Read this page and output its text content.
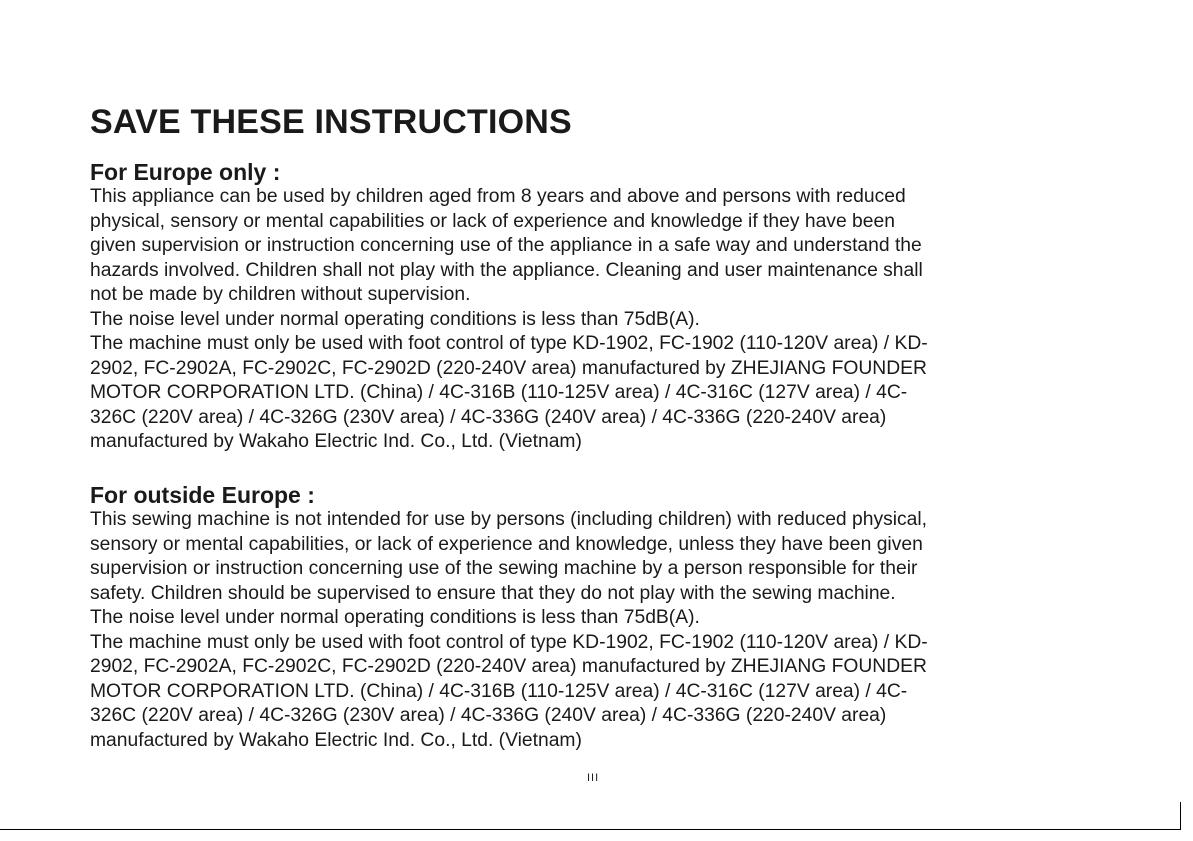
SAVE THESE INSTRUCTIONS
For Europe only :
This appliance can be used by children aged from 8 years and above and persons with reduced
physical, sensory or mental capabilities or lack of experience and knowledge if they have been
given supervision or instruction concerning use of the appliance in a safe way and understand the
hazards involved. Children shall not play with the appliance. Cleaning and user maintenance shall
not be made by children without supervision.
The noise level under normal operating conditions is less than 75dB(A).
The machine must only be used with foot control of type KD-1902, FC-1902 (110-120V area) / KD-
2902, FC-2902A, FC-2902C, FC-2902D (220-240V area) manufactured by ZHEJIANG FOUNDER
MOTOR CORPORATION LTD. (China) / 4C-316B (110-125V area) / 4C-316C (127V area) / 4C-
326C (220V area) / 4C-326G (230V area) / 4C-336G (240V area) / 4C-336G (220-240V area)
manufactured by Wakaho Electric Ind. Co., Ltd. (Vietnam)
For outside Europe :
This sewing machine is not intended for use by persons (including children) with reduced physical,
sensory or mental capabilities, or lack of experience and knowledge, unless they have been given
supervision or instruction concerning use of the sewing machine by a person responsible for their
safety. Children should be supervised to ensure that they do not play with the sewing machine.
The noise level under normal operating conditions is less than 75dB(A).
The machine must only be used with foot control of type KD-1902, FC-1902 (110-120V area) / KD-
2902, FC-2902A, FC-2902C, FC-2902D (220-240V area) manufactured by ZHEJIANG FOUNDER
MOTOR CORPORATION LTD. (China) / 4C-316B (110-125V area) / 4C-316C (127V area) / 4C-
326C (220V area) / 4C-326G (230V area) / 4C-336G (240V area) / 4C-336G (220-240V area)
manufactured by Wakaho Electric Ind. Co., Ltd. (Vietnam)
III
